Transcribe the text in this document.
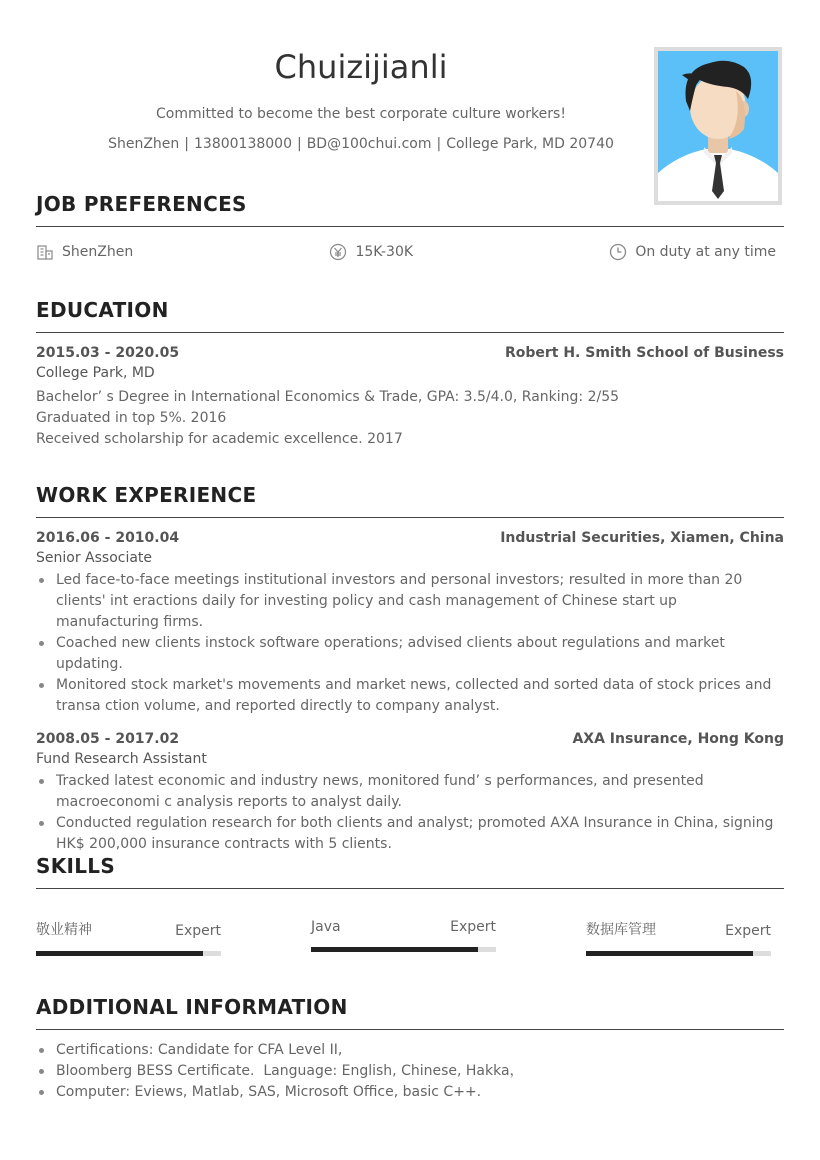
Chuizijianli
Committed to become the best corporate culture workers!
ShenZhen | 13800138000 | BD@100chui.com | College Park, MD 20740
JOB PREFERENCES
ShenZhen	15K-30K	On duty at any time
EDUCATION
2015.03 - 2020.05	Robert H. Smith School of Business
College Park, MD
Bachelor’ s Degree in International Economics & Trade, GPA: 3.5/4.0, Ranking: 2/55
Graduated in top 5%. 2016
Received scholarship for academic excellence. 2017
WORK EXPERIENCE
2016.06 - 2010.04	Industrial Securities, Xiamen, China
Senior Associate
Led face-to-face meetings institutional investors and personal investors; resulted in more than 20 clients' int eractions daily for investing policy and cash management of Chinese start up manufacturing firms.
Coached new clients instock software operations; advised clients about regulations and market updating.
Monitored stock market's movements and market news, collected and sorted data of stock prices and transa ction volume, and reported directly to company analyst.
2008.05 - 2017.02	AXA Insurance, Hong Kong
Fund Research Assistant
Tracked latest economic and industry news, monitored fund’ s performances, and presented macroeconomi c analysis reports to analyst daily.
Conducted regulation research for both clients and analyst; promoted AXA Insurance in China, signing HK$ 200,000 insurance contracts with 5 clients.
SKILLS
敬业精神	Expert	Java	Expert	数据库管理	Expert
ADDITIONAL INFORMATION
Certifications: Candidate for CFA Level II,
Bloomberg BESS Certificate.  Language: English, Chinese, Hakka，
Computer: Eviews, Matlab, SAS, Microsoft Office, basic C++.
